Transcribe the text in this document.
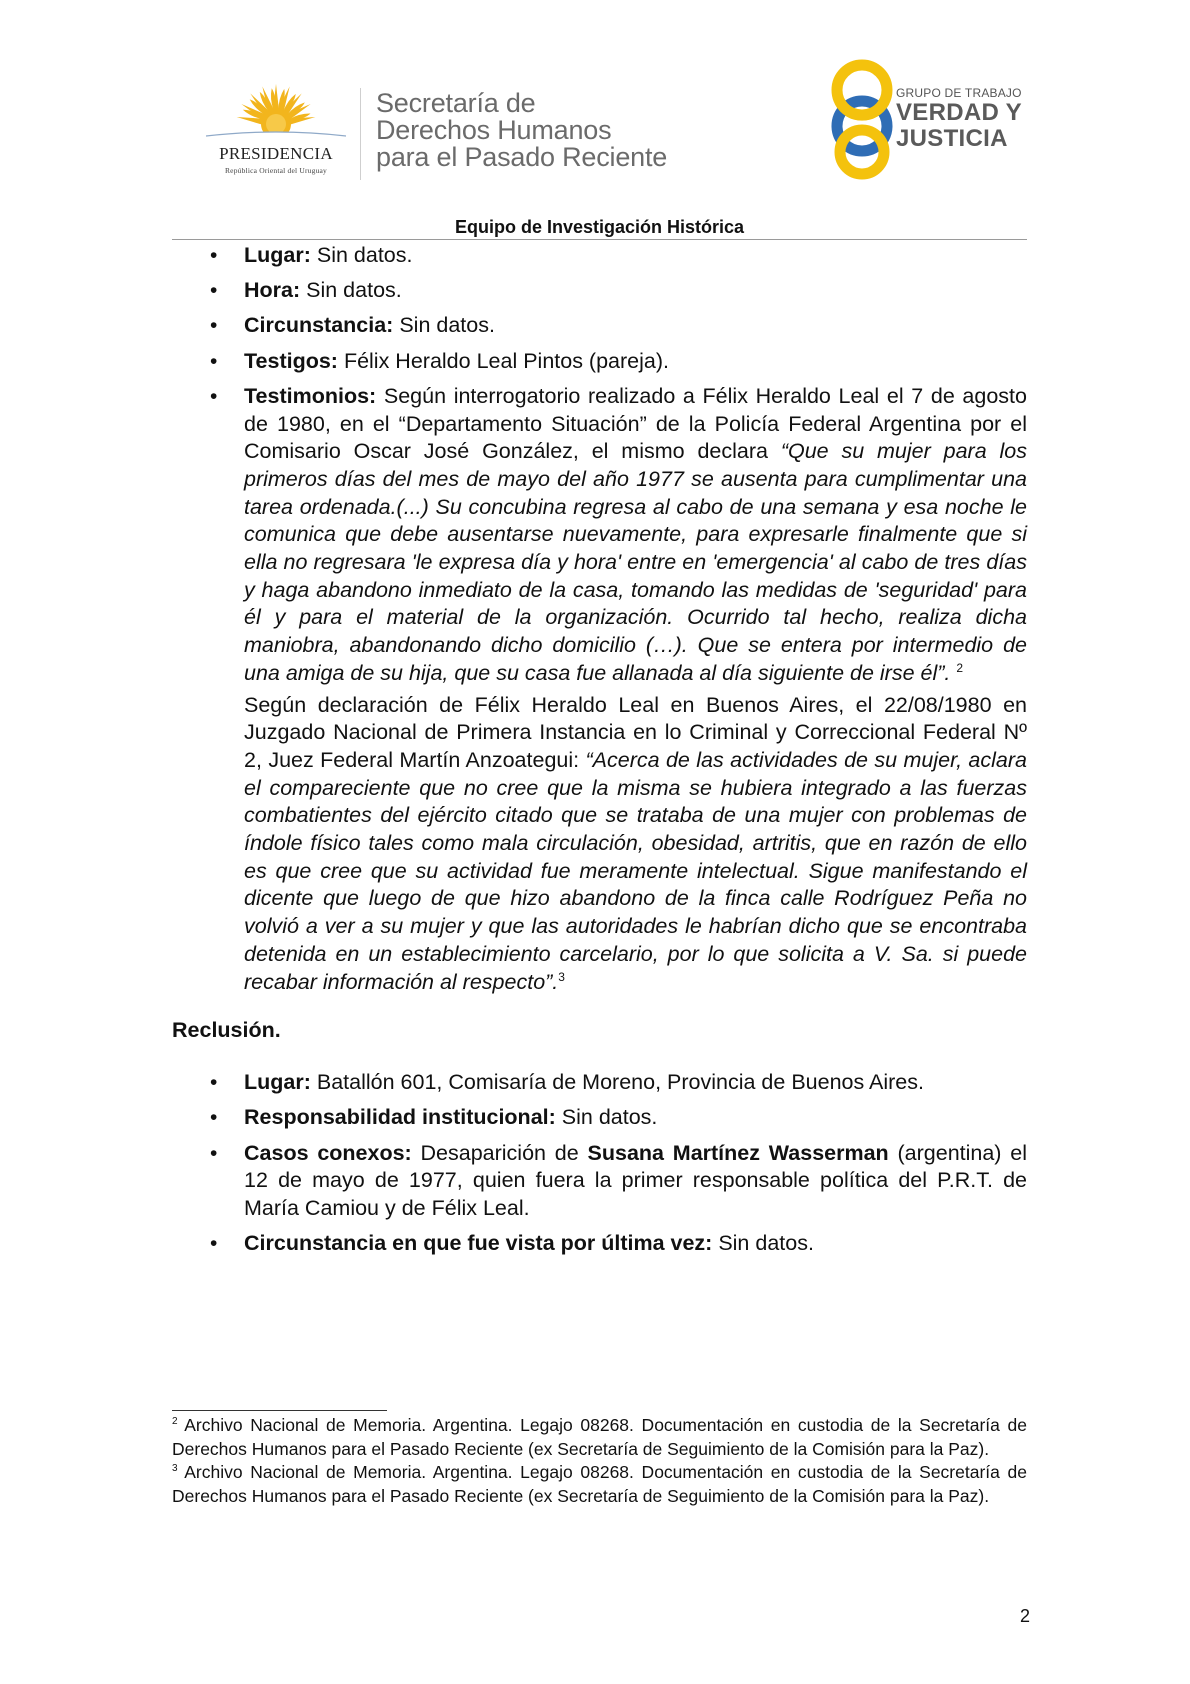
PRESIDENCIA
República Oriental del Uruguay
Secretaría de
Derechos Humanos
para el Pasado Reciente
GRUPO DE TRABAJO
VERDAD Y
JUSTICIA
Equipo de Investigación Histórica
• Lugar: Sin datos.
• Hora: Sin datos.
• Circunstancia: Sin datos.
• Testigos: Félix Heraldo Leal Pintos (pareja).
• Testimonios: Según interrogatorio realizado a Félix Heraldo Leal el 7 de agosto de 1980, en el “Departamento Situación” de la Policía Federal Argentina por el Comisario Oscar José González, el mismo declara “Que su mujer para los primeros días del mes de mayo del año 1977 se ausenta para cumplimentar una tarea ordenada.(...) Su concubina regresa al cabo de una semana y esa noche le comunica que debe ausentarse nuevamente, para expresarle finalmente que si ella no regresara 'le expresa día y hora' entre en 'emergencia' al cabo de tres días y haga abandono inmediato de la casa, tomando las medidas de 'seguridad' para él y para el material de la organización. Ocurrido tal hecho, realiza dicha maniobra, abandonando dicho domicilio (…). Que se entera por intermedio de una amiga de su hija, que su casa fue allanada al día siguiente de irse él”. $^2$

Según declaración de Félix Heraldo Leal en Buenos Aires, el 22/08/1980 en Juzgado Nacional de Primera Instancia en lo Criminal y Correccional Federal Nº 2, Juez Federal Martín Anzoategui: “Acerca de las actividades de su mujer, aclara el compareciente que no cree que la misma se hubiera integrado a las fuerzas combatientes del ejército citado que se trataba de una mujer con problemas de índole físico tales como mala circulación, obesidad, artritis, que en razón de ello es que cree que su actividad fue meramente intelectual. Sigue manifestando el dicente que luego de que hizo abandono de la finca calle Rodríguez Peña no volvió a ver a su mujer y que las autoridades le habrían dicho que se encontraba detenida en un establecimiento carcelario, por lo que solicita a V. Sa. si puede recabar información al respecto”.$^3$

Reclusión.
• Lugar: Batallón 601, Comisaría de Moreno, Provincia de Buenos Aires.
• Responsabilidad institucional: Sin datos.
• Casos conexos: Desaparición de Susana Martínez Wasserman (argentina) el 12 de mayo de 1977, quien fuera la primer responsable política del P.R.T. de María Camiou y de Félix Leal.
• Circunstancia en que fue vista por última vez: Sin datos.

$^2$ Archivo Nacional de Memoria. Argentina. Legajo 08268. Documentación en custodia de la Secretaría de Derechos Humanos para el Pasado Reciente (ex Secretaría de Seguimiento de la Comisión para la Paz).

$^3$ Archivo Nacional de Memoria. Argentina. Legajo 08268. Documentación en custodia de la Secretaría de Derechos Humanos para el Pasado Reciente (ex Secretaría de Seguimiento de la Comisión para la Paz).

2
